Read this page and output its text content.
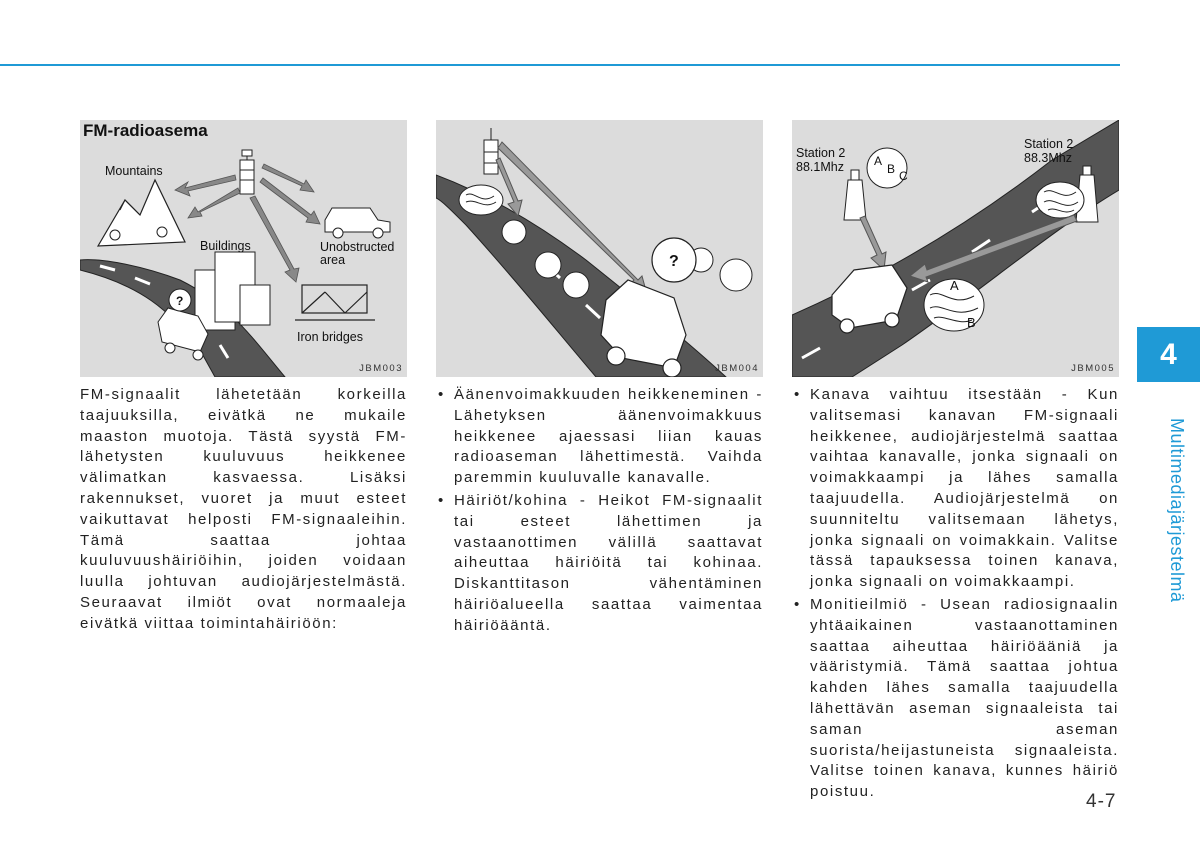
FM-radioasema
Mountains
Buildings	Unobstructed
area
Iron bridges
?
JBM003
?
JBM004
Station 2
88.1Mhz
Station 2
88.3Mhz
A
B C
A
B
JBM005

FM-signaalit lähetetään korkeilla taajuuksilla, eivätkä ne mukaile maaston muotoja. Tästä syystä FM-lähetysten kuuluvuus heikkenee välimatkan kasvaessa. Lisäksi rakennukset, vuoret ja muut esteet vaikuttavat helposti FM-signaaleihin. Tämä saattaa johtaa kuuluvuushäiriöihin, joiden voidaan luulla johtuvan audiojärjestelmästä. Seuraavat ilmiöt ovat normaaleja eivätkä viittaa toimintahäiriöön:

• Äänenvoimakkuuden heikkeneminen - Lähetyksen äänenvoimakkuus heikkenee ajaessasi liian kauas radioaseman lähettimestä. Vaihda paremmin kuuluvalle kanavalle.
• Häiriöt/kohina - Heikot FM-signaalit tai esteet lähettimen ja vastaanottimen välillä saattavat aiheuttaa häiriöitä tai kohinaa. Diskanttitason vähentäminen häiriöalueella saattaa vaimentaa häiriöääntä.
• Kanava vaihtuu itsestään - Kun valitsemasi kanavan FM-signaali heikkenee, audiojärjestelmä saattaa vaihtaa kanavalle, jonka signaali on voimakkaampi ja lähes samalla taajuudella. Audiojärjestelmä on suunniteltu valitsemaan lähetys, jonka signaali on voimakkain. Valitse tässä tapauksessa toinen kanava, jonka signaali on voimakkaampi.
• Monitieilmiö - Usean radiosignaalin yhtäaikainen vastaanottaminen saattaa aiheuttaa häiriöääniä ja vääristymiä. Tämä saattaa johtua kahden lähes samalla taajuudella lähettävän aseman signaaleista tai saman aseman suorista/heijastuneista signaaleista. Valitse toinen kanava, kunnes häiriö poistuu.
4
Multimediajärjestelmä
4-7
